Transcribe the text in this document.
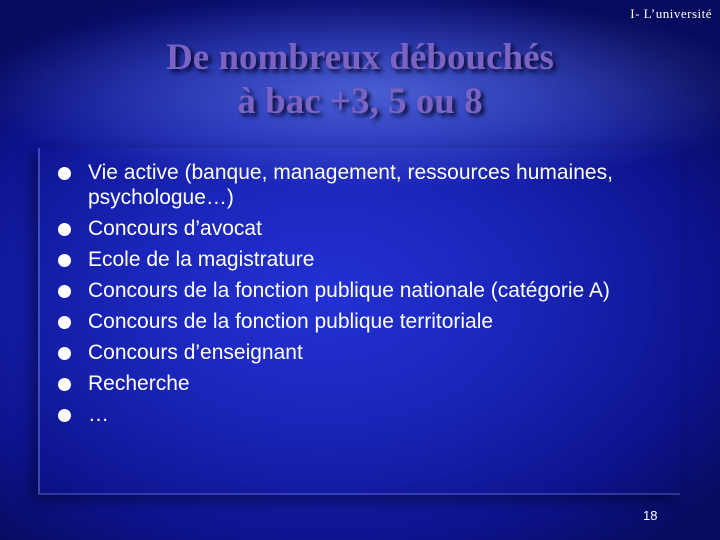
I- L’université
De nombreux débouchés
à bac +3, 5 ou 8
Vie active (banque, management, ressources humaines, psychologue…)
Concours d’avocat
Ecole de la magistrature
Concours de la fonction publique nationale (catégorie A)
Concours de la fonction publique territoriale
Concours d’enseignant
Recherche
…
18
